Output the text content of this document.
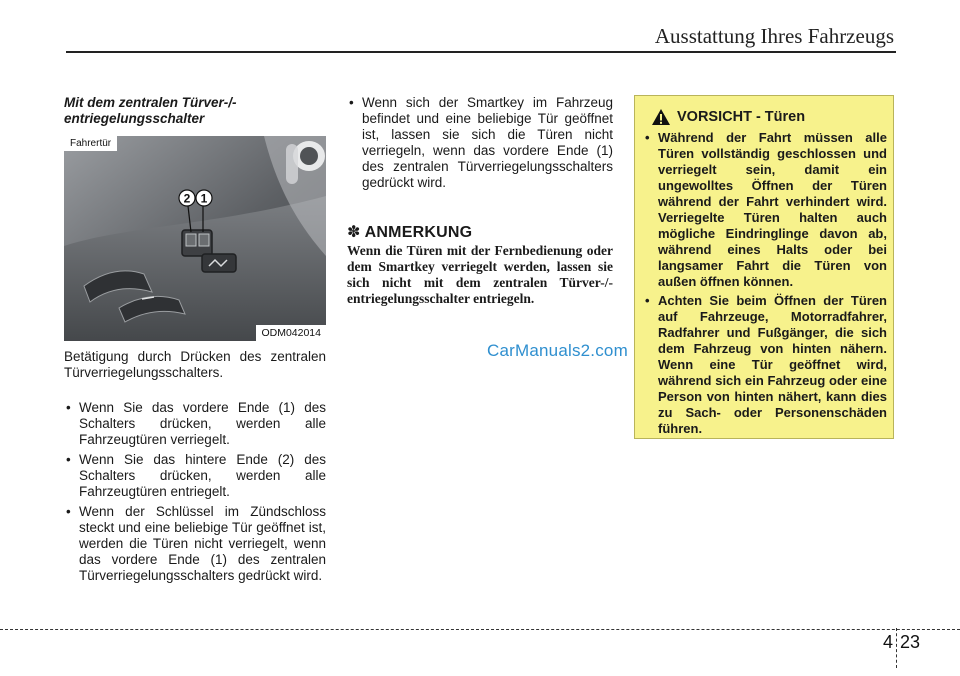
Ausstattung Ihres Fahrzeugs
Mit dem zentralen Türver-/-entriegelungsschalter
2 1
Fahrertür
ODM042014
Betätigung durch Drücken des zentralen Türverriegelungsschalters.
• Wenn Sie das vordere Ende (1) des Schalters drücken, werden alle Fahrzeugtüren verriegelt.
• Wenn Sie das hintere Ende (2) des Schalters drücken, werden alle Fahrzeugtüren entriegelt.
• Wenn der Schlüssel im Zündschloss steckt und eine beliebige Tür geöffnet ist, werden die Türen nicht verriegelt, wenn das vordere Ende (1) des zentralen Türverriegelungsschalters gedrückt wird.
• Wenn sich der Smartkey im Fahrzeug befindet und eine beliebige Tür geöffnet ist, lassen sie sich die Türen nicht verriegeln, wenn das vordere Ende (1) des zentralen Türverriegelungsschalters gedrückt wird.
✽ ANMERKUNG
Wenn die Türen mit der Fernbedienung oder dem Smartkey verriegelt werden, lassen sie sich nicht mit dem zentralen Türver-/-entriegelungsschalter entriegeln.
CarManuals2.com
VORSICHT - Türen
• Während der Fahrt müssen alle Türen vollständig geschlossen und verriegelt sein, damit ein ungewolltes Öffnen der Türen während der Fahrt verhindert wird. Verriegelte Türen halten auch mögliche Eindringlinge davon ab, während eines Halts oder bei langsamer Fahrt die Türen von außen öffnen können.
• Achten Sie beim Öffnen der Türen auf Fahrzeuge, Motorradfahrer, Radfahrer und Fußgänger, die sich dem Fahrzeug von hinten nähern. Wenn eine Tür geöffnet wird, während sich ein Fahrzeug oder eine Person von hinten nähert, kann dies zu Sach- oder Personenschäden führen.
4 23
